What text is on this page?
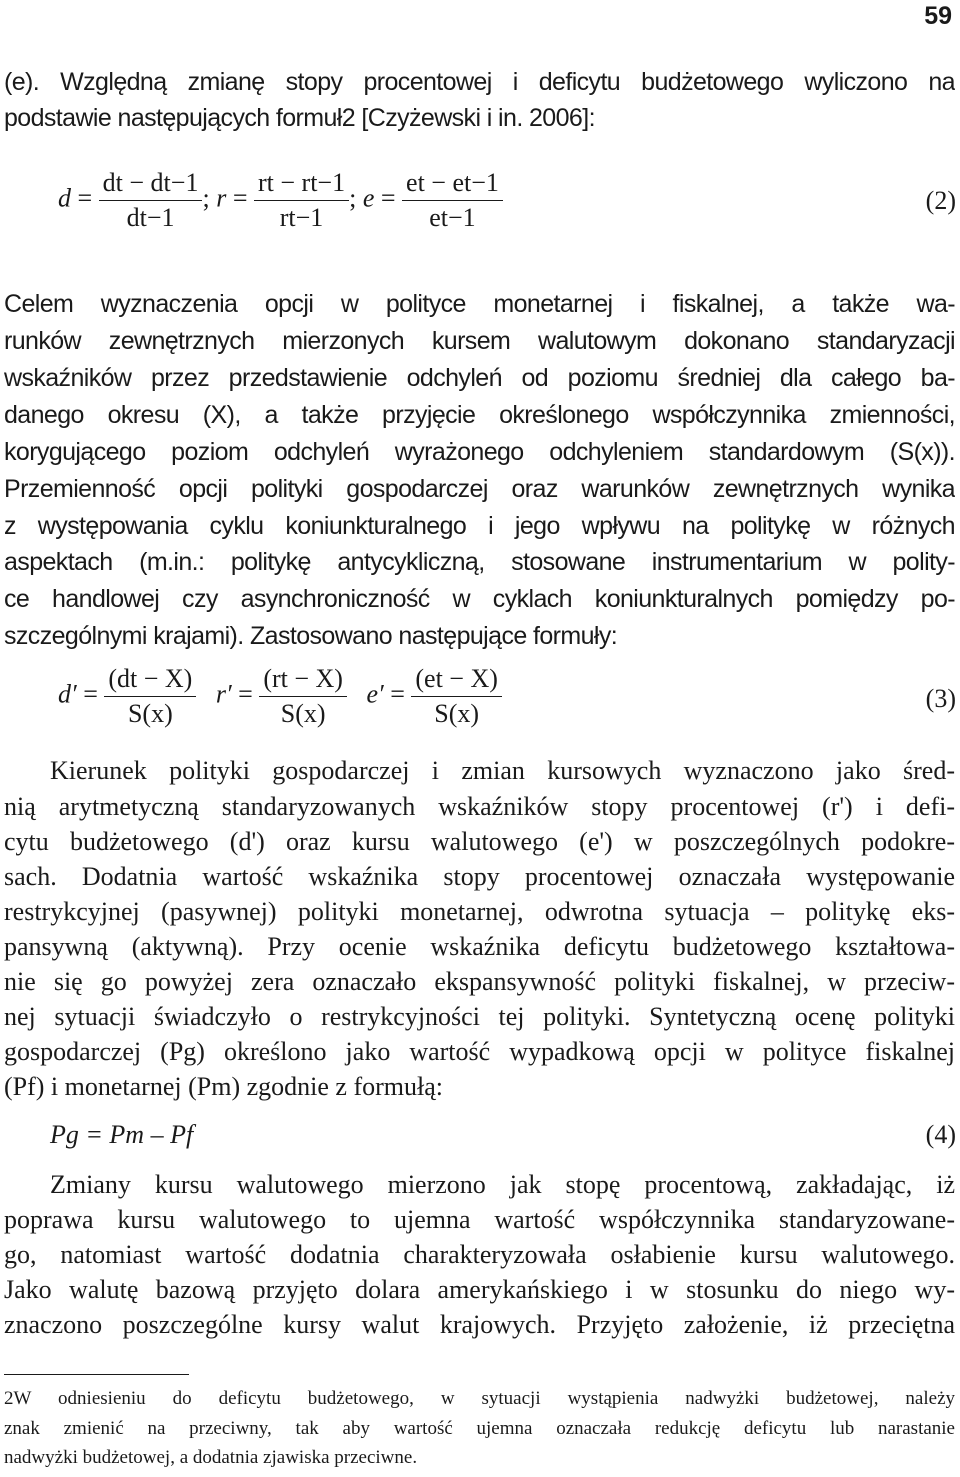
59
(e). Względną zmianę stopy procentowej i deficytu budżetowego wyliczono na
podstawie następujących formuł2 [Czyżewski i in. 2006]:
$d = \frac{dt - dt-1}{dt-1}$ ; $r = \frac{rt - rt-1}{rt-1}$ ; $e = \frac{et - et-1}{et-1}$	(2)
Celem wyznaczenia opcji w polityce monetarnej i fiskalnej, a także wa-
runków zewnętrznych mierzonych kursem walutowym dokonano standaryzacji
wskaźników przez przedstawienie odchyleń od poziomu średniej dla całego ba-
danego okresu (X), a także przyjęcie określonego współczynnika zmienności,
korygującego poziom odchyleń wyrażonego odchyleniem standardowym (S(x)).
Przemienność opcji polityki gospodarczej oraz warunków zewnętrznych wynika
z występowania cyklu koniunkturalnego i jego wpływu na politykę w różnych
aspektach (m.in.: politykę antycykliczną, stosowane instrumentarium w polity-
ce handlowej czy asynchroniczność w cyklach koniunkturalnych pomiędzy po-
szczególnymi krajami). Zastosowano następujące formuły:
$d' = \frac{(dt - X)}{S(x)} r' = \frac{(rt - X)}{S(x)} e' = \frac{(et - X)}{S(x)}$	(3)
Kierunek polityki gospodarczej i zmian kursowych wyznaczono jako śred-
nią arytmetyczną standaryzowanych wskaźników stopy procentowej (r') i defi-
cytu budżetowego (d') oraz kursu walutowego (e') w poszczególnych podokre-
sach. Dodatnia wartość wskaźnika stopy procentowej oznaczała występowanie
restrykcyjnej (pasywnej) polityki monetarnej, odwrotna sytuacja – politykę eks-
pansywną (aktywną). Przy ocenie wskaźnika deficytu budżetowego kształtowa-
nie się go powyżej zera oznaczało ekspansywność polityki fiskalnej, w przeciw-
nej sytuacji świadczyło o restrykcyjności tej polityki. Syntetyczną ocenę polityki
gospodarczej (Pg) określono jako wartość wypadkową opcji w polityce fiskalnej
(Pf) i monetarnej (Pm) zgodnie z formułą:
Pg = Pm – Pf	(4)
Zmiany kursu walutowego mierzono jak stopę procentową, zakładając, iż
poprawa kursu walutowego to ujemna wartość współczynnika standaryzowane-
go, natomiast wartość dodatnia charakteryzowała osłabienie kursu walutowego.
Jako walutę bazową przyjęto dolara amerykańskiego i w stosunku do niego wy-
znaczono poszczególne kursy walut krajowych. Przyjęto założenie, iż przeciętna
2W odniesieniu do deficytu budżetowego, w sytuacji wystąpienia nadwyżki budżetowej, należy
znak zmienić na przeciwny, tak aby wartość ujemna oznaczała redukcję deficytu lub narastanie
nadwyżki budżetowej, a dodatnia zjawiska przeciwne.
